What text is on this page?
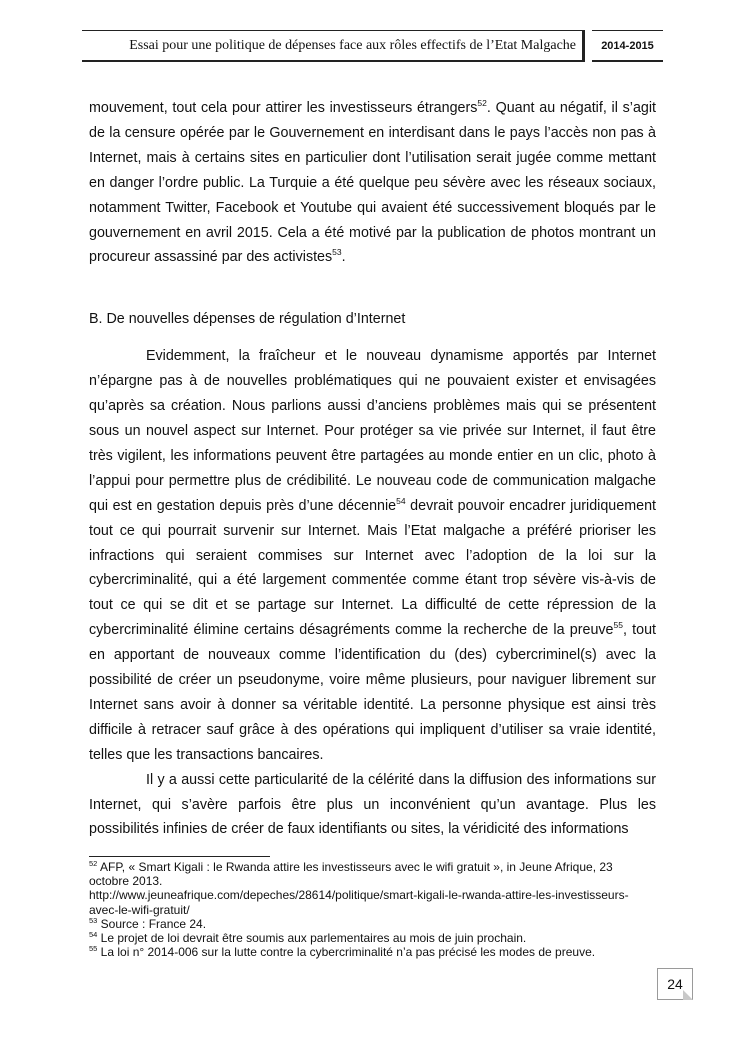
Essai pour une politique de dépenses face aux rôles effectifs de l’Etat Malgache	2014-2015

mouvement, tout cela pour attirer les investisseurs étrangers$^{52}$. Quant au négatif, il s’agit de la censure opérée par le Gouvernement en interdisant dans le pays l’accès non pas à Internet, mais à certains sites en particulier dont l’utilisation serait jugée comme mettant en danger l’ordre public. La Turquie a été quelque peu sévère avec les réseaux sociaux, notamment Twitter, Facebook et Youtube qui avaient été successivement bloqués par le gouvernement en avril 2015. Cela a été motivé par la publication de photos montrant un procureur assassiné par des activistes$^{53}$.

B. De nouvelles dépenses de régulation d’Internet

Evidemment, la fraîcheur et le nouveau dynamisme apportés par Internet n’épargne pas à de nouvelles problématiques qui ne pouvaient exister et envisagées qu’après sa création. Nous parlions aussi d’anciens problèmes mais qui se présentent sous un nouvel aspect sur Internet. Pour protéger sa vie privée sur Internet, il faut être très vigilent, les informations peuvent être partagées au monde entier en un clic, photo à l’appui pour permettre plus de crédibilité. Le nouveau code de communication malgache qui est en gestation depuis près d’une décennie$^{54}$ devrait pouvoir encadrer juridiquement tout ce qui pourrait survenir sur Internet. Mais l’Etat malgache a préféré prioriser les infractions qui seraient commises sur Internet avec l’adoption de la loi sur la cybercriminalité, qui a été largement commentée comme étant trop sévère vis-à-vis de tout ce qui se dit et se partage sur Internet. La difficulté de cette répression de la cybercriminalité élimine certains désagréments comme la recherche de la preuve$^{55}$, tout en apportant de nouveaux comme l’identification du (des) cybercriminel(s) avec la possibilité de créer un pseudonyme, voire même plusieurs, pour naviguer librement sur Internet sans avoir à donner sa véritable identité. La personne physique est ainsi très difficile à retracer sauf grâce à des opérations qui impliquent d’utiliser sa vraie identité, telles que les transactions bancaires.

Il y a aussi cette particularité de la célérité dans la diffusion des informations sur Internet, qui s’avère parfois être plus un inconvénient qu’un avantage. Plus les possibilités infinies de créer de faux identifiants ou sites, la véridicité des informations

$^{52}$ AFP, « Smart Kigali : le Rwanda attire les investisseurs avec le wifi gratuit », in Jeune Afrique, 23 octobre 2013.
http://www.jeuneafrique.com/depeches/28614/politique/smart-kigali-le-rwanda-attire-les-investisseurs-avec-le-wifi-gratuit/

$^{53}$ Source : France 24.

$^{54}$ Le projet de loi devrait être soumis aux parlementaires au mois de juin prochain.

$^{55}$ La loi n° 2014-006 sur la lutte contre la cybercriminalité n’a pas précisé les modes de preuve.

24
